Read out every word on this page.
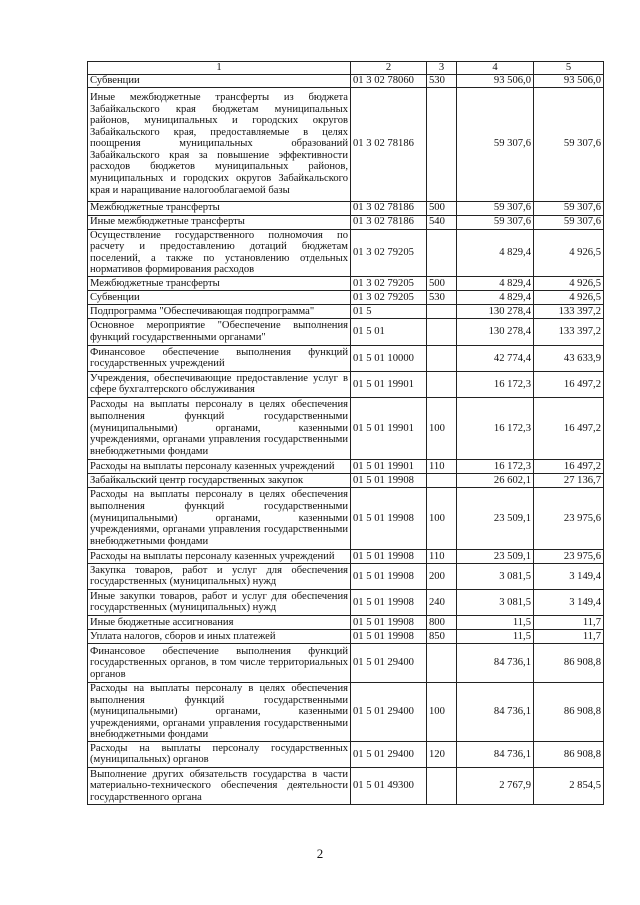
1	2	3	4	5
Субвенции	01 3 02 78060	530	93 506,0	93 506,0
Иные межбюджетные трансферты из бюджета Забайкальского края бюджетам муниципальных районов, муниципальных и городских округов Забайкальского края, предоставляемые в целях поощрения муниципальных образований Забайкальского края за повышение эффективности расходов бюджетов муниципальных районов, муниципальных и городских округов Забайкальского края и наращивание налогооблагаемой базы	01 3 02 78186		59 307,6	59 307,6
Межбюджетные трансферты	01 3 02 78186	500	59 307,6	59 307,6
Иные межбюджетные трансферты	01 3 02 78186	540	59 307,6	59 307,6
Осуществление государственного полномочия по расчету и предоставлению дотаций бюджетам поселений, а также по установлению отдельных нормативов формирования расходов	01 3 02 79205		4 829,4	4 926,5
Межбюджетные трансферты	01 3 02 79205	500	4 829,4	4 926,5
Субвенции	01 3 02 79205	530	4 829,4	4 926,5
Подпрограмма "Обеспечивающая подпрограмма"	01 5		130 278,4	133 397,2
Основное мероприятие "Обеспечение выполнения функций государственными органами"	01 5 01		130 278,4	133 397,2
Финансовое обеспечение выполнения функций государственных учреждений	01 5 01 10000		42 774,4	43 633,9
Учреждения, обеспечивающие предоставление услуг в сфере бухгалтерского обслуживания	01 5 01 19901		16 172,3	16 497,2
Расходы на выплаты персоналу в целях обеспечения выполнения функций государственными (муниципальными) органами, казенными учреждениями, органами управления государственными внебюджетными фондами	01 5 01 19901	100	16 172,3	16 497,2
Расходы на выплаты персоналу казенных учреждений	01 5 01 19901	110	16 172,3	16 497,2
Забайкальский центр государственных закупок	01 5 01 19908		26 602,1	27 136,7
Расходы на выплаты персоналу в целях обеспечения выполнения функций государственными (муниципальными) органами, казенными учреждениями, органами управления государственными внебюджетными фондами	01 5 01 19908	100	23 509,1	23 975,6
Расходы на выплаты персоналу казенных учреждений	01 5 01 19908	110	23 509,1	23 975,6
Закупка товаров, работ и услуг для обеспечения государственных (муниципальных) нужд	01 5 01 19908	200	3 081,5	3 149,4
Иные закупки товаров, работ и услуг для обеспечения государственных (муниципальных) нужд	01 5 01 19908	240	3 081,5	3 149,4
Иные бюджетные ассигнования	01 5 01 19908	800	11,5	11,7
Уплата налогов, сборов и иных платежей	01 5 01 19908	850	11,5	11,7
Финансовое обеспечение выполнения функций государственных органов, в том числе территориальных органов	01 5 01 29400		84 736,1	86 908,8
Расходы на выплаты персоналу в целях обеспечения выполнения функций государственными (муниципальными) органами, казенными учреждениями, органами управления государственными внебюджетными фондами	01 5 01 29400	100	84 736,1	86 908,8
Расходы на выплаты персоналу государственных (муниципальных) органов	01 5 01 29400	120	84 736,1	86 908,8
Выполнение других обязательств государства в части материально-технического обеспечения деятельности государственного органа	01 5 01 49300		2 767,9	2 854,5
2
